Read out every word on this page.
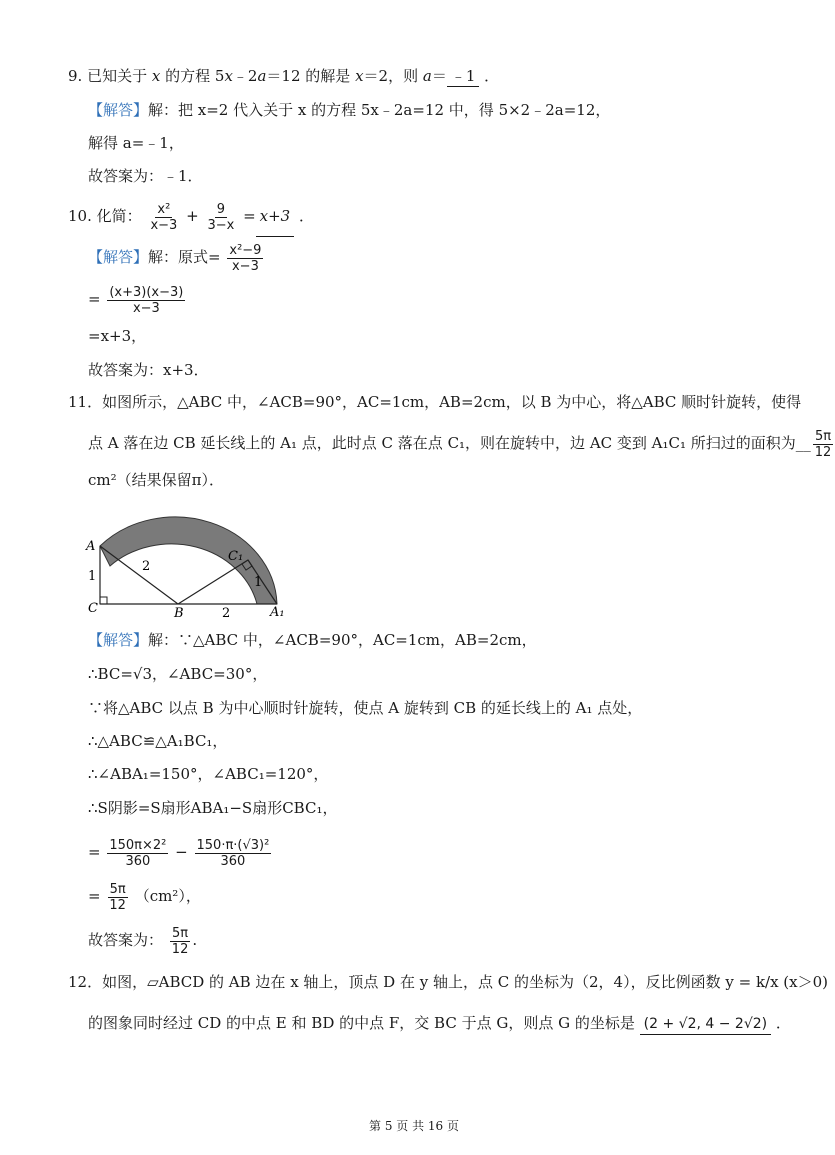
9. 已知关于 x 的方程 5x﹣2a＝12 的解是 x＝2，则 a＝ ﹣1 ．
【解答】解：把 x=2 代入关于 x 的方程 5x﹣2a=12 中，得 5×2﹣2a=12，
解得 a=﹣1，
故答案为：﹣1．
10. 化简： $\frac{\text{x²}}{x-3} + \frac{9}{3-x} = x+3$ ．
【解答】解：原式= $\frac{\text{x²−9}}{x-3}$
= $\frac{(x+3)(x-3)}{x-3}$
=x+3，
故答案为：x+3．
11．如图所示，△ABC 中，∠ACB=90°，AC=1cm，AB=2cm，以 B 为中心，将△ABC 顺时针旋转，使得
点 A 落在边 CB 延长线上的 A₁ 点，此时点 C 落在点 C₁，则在旋转中，边 AC 变到 A₁C₁ 所扫过的面积为__ $\frac{5\pi}{12}$
cm²（结果保留π）．
A
C	B
C₁
A₁
1
2
1
2
【解答】解：∵△ABC 中，∠ACB=90°，AC=1cm，AB=2cm，
∴BC=√3，∠ABC=30°，
∵将△ABC 以点 B 为中心顺时针旋转，使点 A 旋转到 CB 的延长线上的 A₁ 点处，
∴△ABC≌△A₁BC₁，
∴∠ABA₁=150°，∠ABC₁=120°，
∴S阴影=S扇形ABA₁−S扇形CBC₁，
= $\frac{\text{150π×2²}}{360} - \frac{\text{150·π·(√3)²}}{360}$
= $\frac{5\pi}{12} (cm^2)$，
故答案为： $\frac{5\pi}{12}$ .
12．如图，▱ABCD 的 AB 边在 x 轴上，顶点 D 在 y 轴上，点 C 的坐标为（2，4），反比例函数 y = k/x (x＞0)
的图象同时经过 CD 的中点 E 和 BD 的中点 F，交 BC 于点 G，则点 G 的坐标是 (2 + √2, 4 − 2√2) ．
第 5 页 共 16 页
